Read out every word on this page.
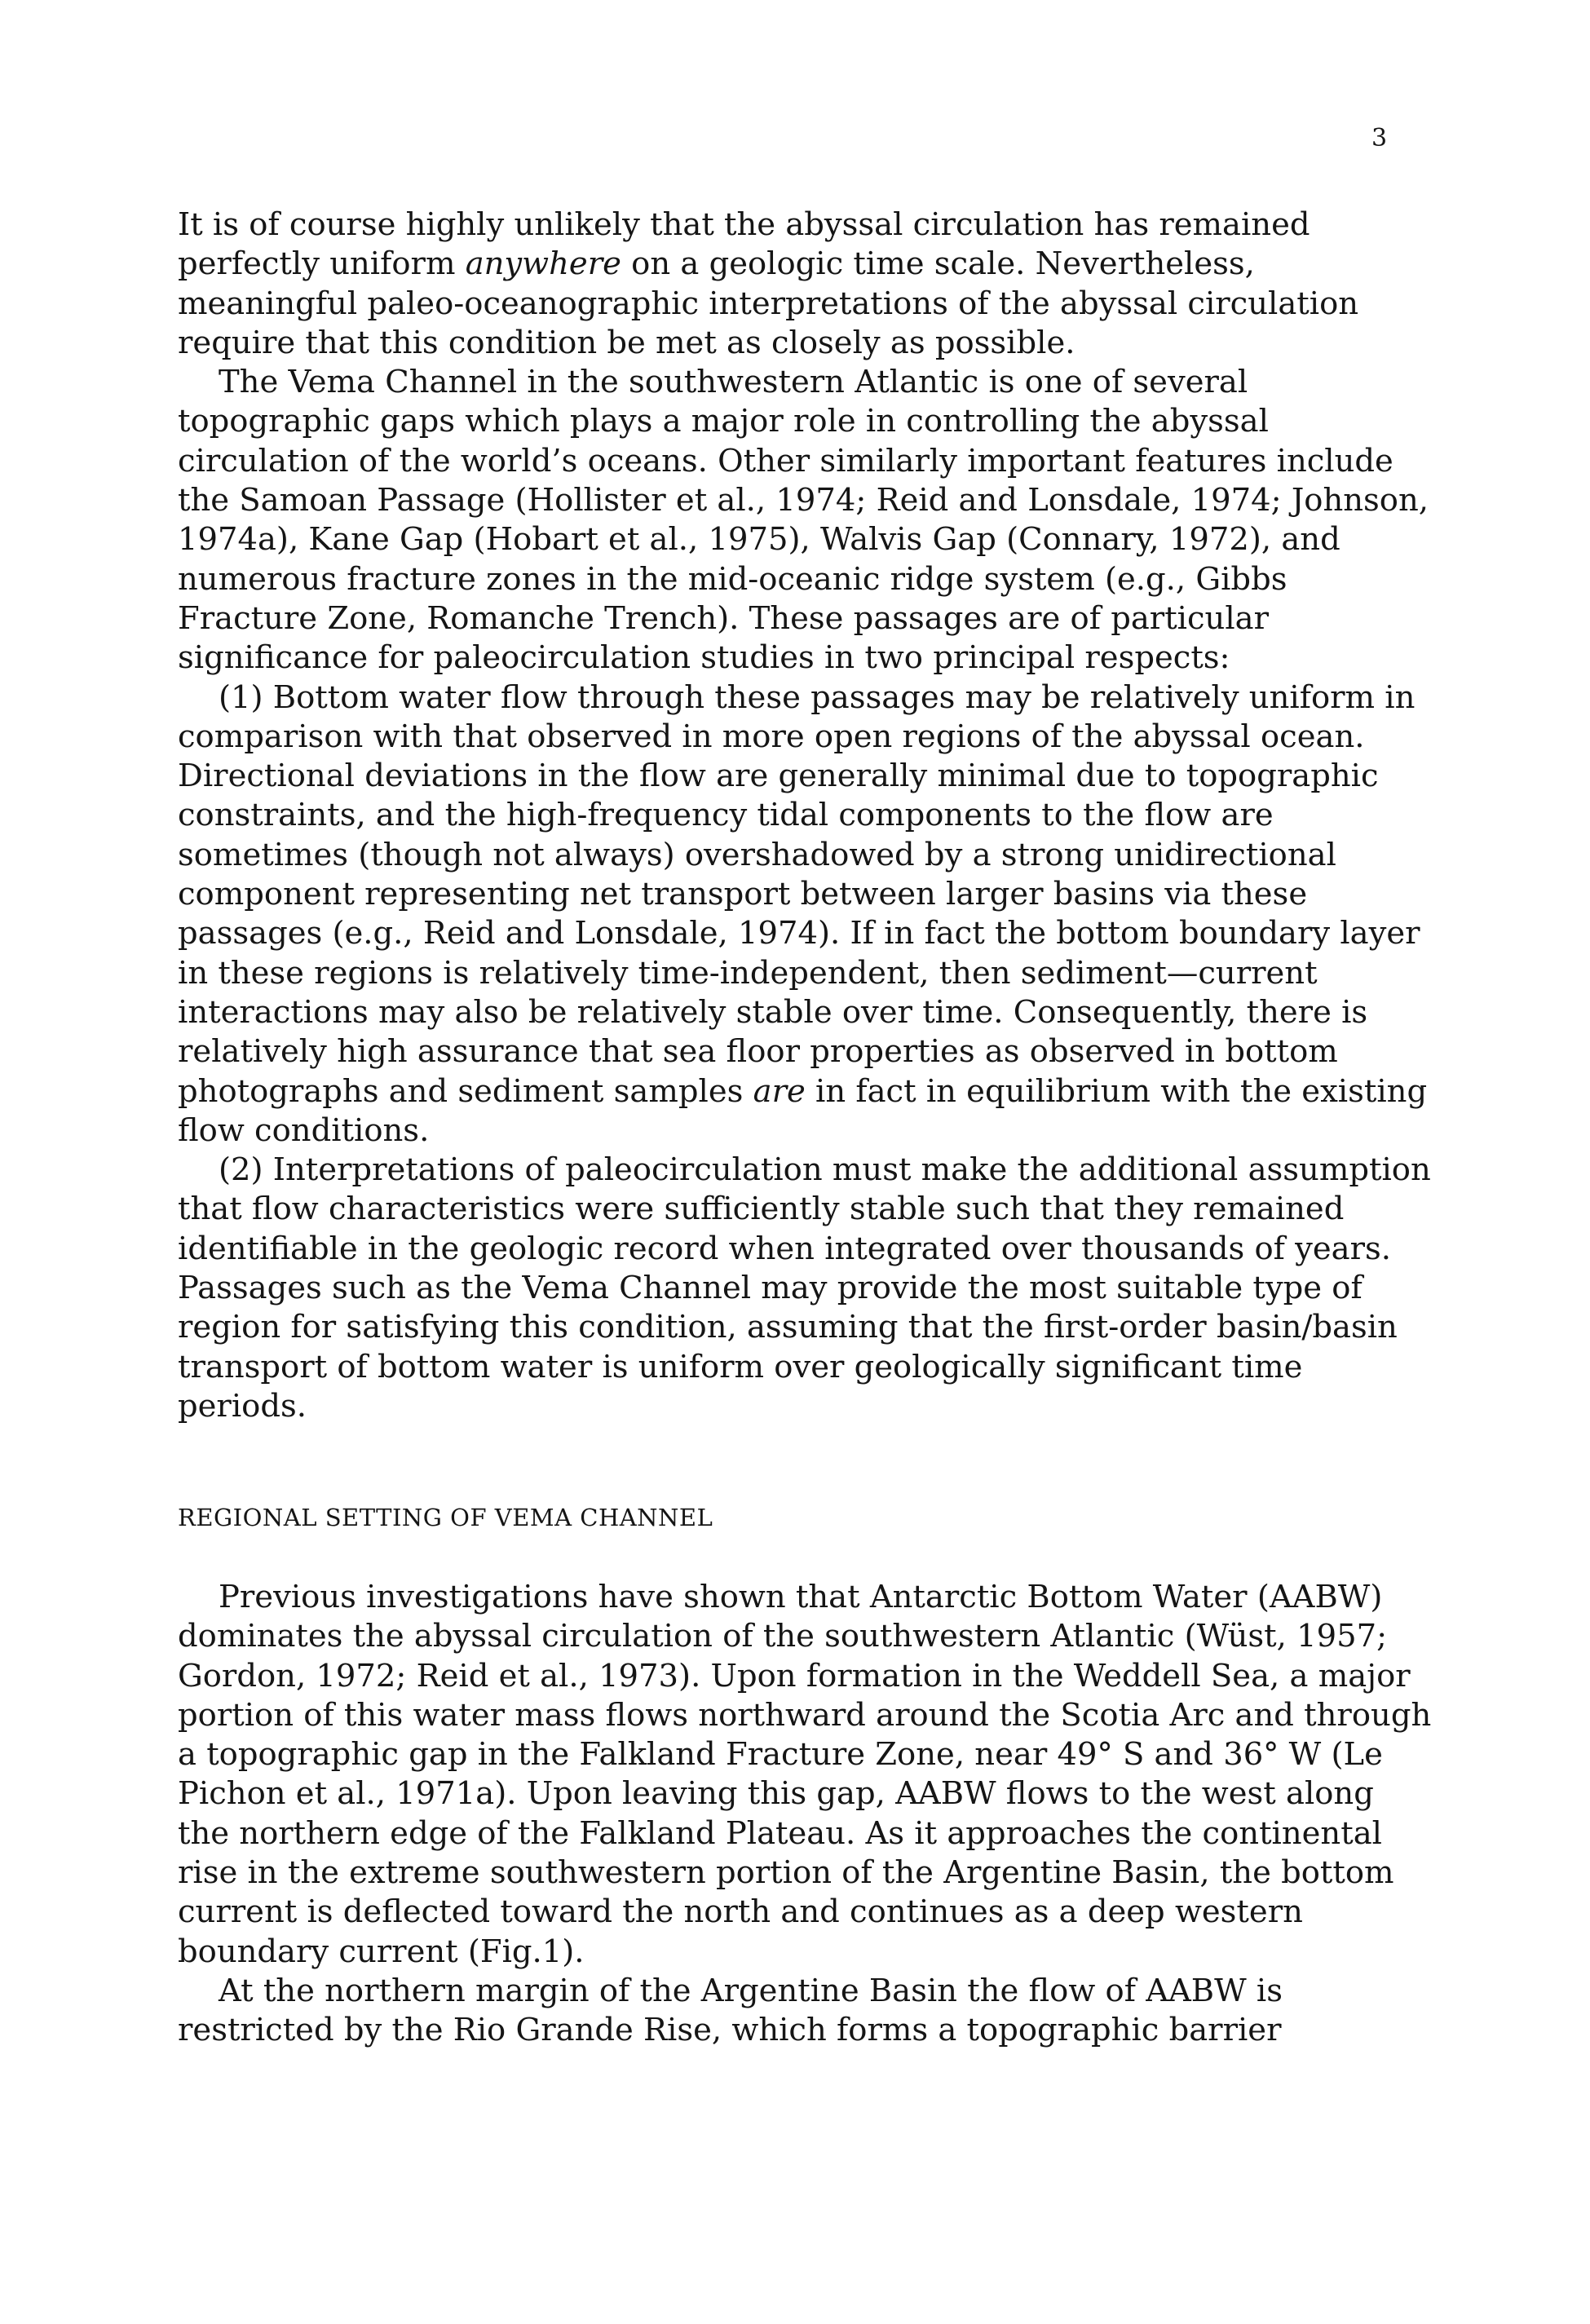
3

It is of course highly unlikely that the abyssal circulation has remained perfectly uniform anywhere on a geologic time scale. Nevertheless, meaningful paleo-oceanographic interpretations of the abyssal circulation require that this condition be met as closely as possible.

The Vema Channel in the southwestern Atlantic is one of several topographic gaps which plays a major role in controlling the abyssal circulation of the world’s oceans. Other similarly important features include the Samoan Passage (Hollister et al., 1974; Reid and Lonsdale, 1974; Johnson, 1974a), Kane Gap (Hobart et al., 1975), Walvis Gap (Connary, 1972), and numerous fracture zones in the mid-oceanic ridge system (e.g., Gibbs Fracture Zone, Romanche Trench). These passages are of particular significance for paleocirculation studies in two principal respects:

(1) Bottom water flow through these passages may be relatively uniform in comparison with that observed in more open regions of the abyssal ocean. Directional deviations in the flow are generally minimal due to topographic constraints, and the high-frequency tidal components to the flow are sometimes (though not always) overshadowed by a strong unidirectional component representing net transport between larger basins via these passages (e.g., Reid and Lonsdale, 1974). If in fact the bottom boundary layer in these regions is relatively time-independent, then sediment—current interactions may also be relatively stable over time. Consequently, there is relatively high assurance that sea floor properties as observed in bottom photographs and sediment samples are in fact in equilibrium with the existing flow conditions.

(2) Interpretations of paleocirculation must make the additional assumption that flow characteristics were sufficiently stable such that they remained identifiable in the geologic record when integrated over thousands of years. Passages such as the Vema Channel may provide the most suitable type of region for satisfying this condition, assuming that the first-order basin/basin transport of bottom water is uniform over geologically significant time periods.

REGIONAL SETTING OF VEMA CHANNEL

Previous investigations have shown that Antarctic Bottom Water (AABW) dominates the abyssal circulation of the southwestern Atlantic (Wüst, 1957; Gordon, 1972; Reid et al., 1973). Upon formation in the Weddell Sea, a major portion of this water mass flows northward around the Scotia Arc and through a topographic gap in the Falkland Fracture Zone, near 49° S and 36° W (Le Pichon et al., 1971a). Upon leaving this gap, AABW flows to the west along the northern edge of the Falkland Plateau. As it approaches the continental rise in the extreme southwestern portion of the Argentine Basin, the bottom current is deflected toward the north and continues as a deep western boundary current (Fig.1).

At the northern margin of the Argentine Basin the flow of AABW is restricted by the Rio Grande Rise, which forms a topographic barrier
